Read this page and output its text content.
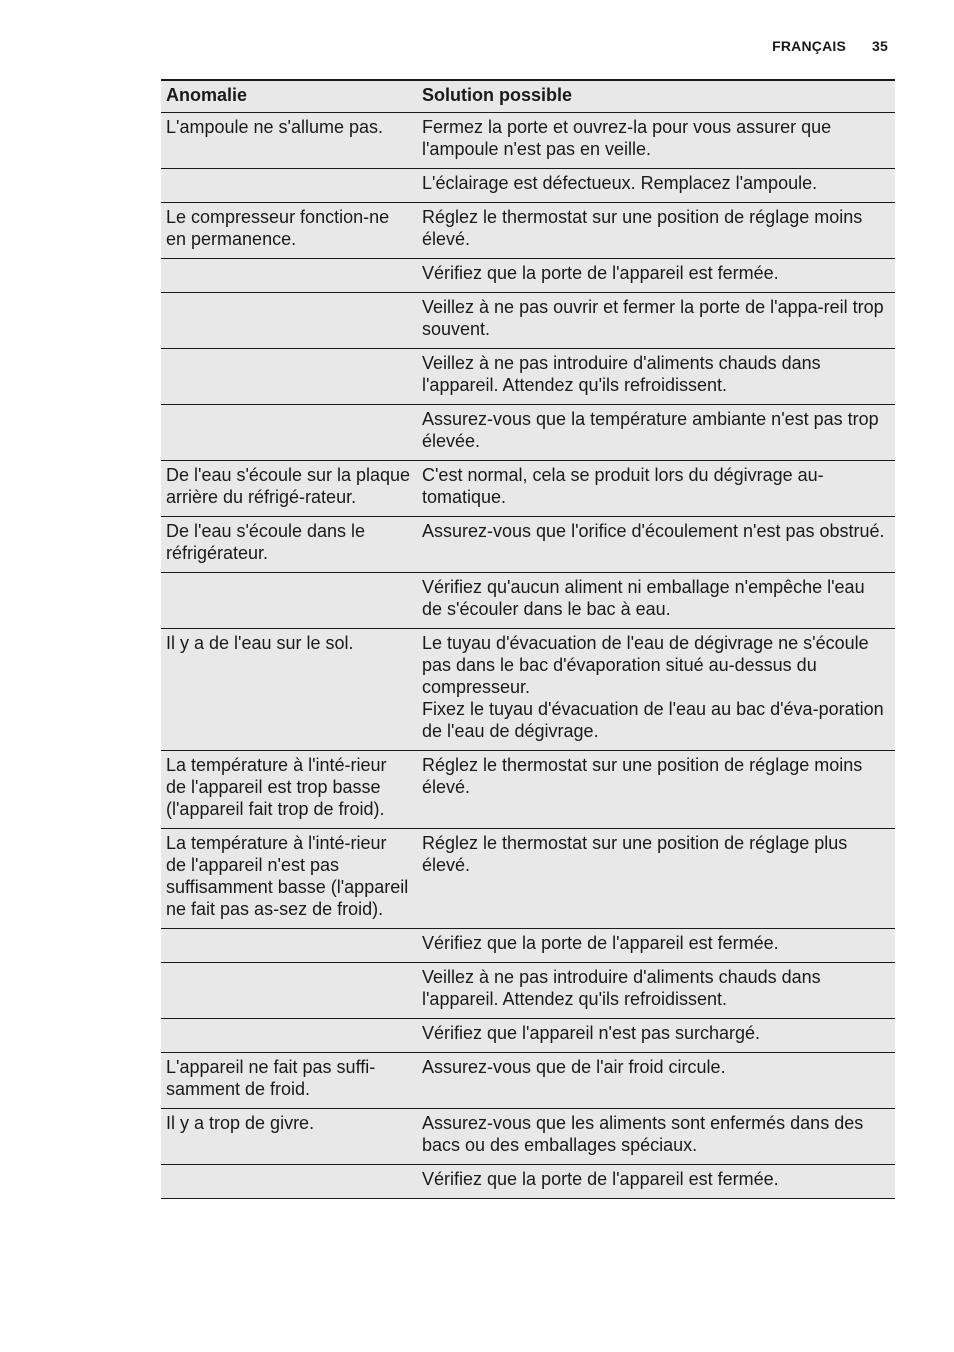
FRANÇAIS 35
Anomalie	Solution possible
L'ampoule ne s'allume pas.	Fermez la porte et ouvrez-la pour vous assurer que l'ampoule n'est pas en veille.
	L'éclairage est défectueux. Remplacez l'ampoule.
Le compresseur fonction-ne en permanence.	Réglez le thermostat sur une position de réglage moins élevé.
	Vérifiez que la porte de l'appareil est fermée.
	Veillez à ne pas ouvrir et fermer la porte de l'appa-reil trop souvent.
	Veillez à ne pas introduire d'aliments chauds dans l'appareil. Attendez qu'ils refroidissent.
	Assurez-vous que la température ambiante n'est pas trop élevée.
De l'eau s'écoule sur la plaque arrière du réfrigé-rateur.	C'est normal, cela se produit lors du dégivrage au-tomatique.
De l'eau s'écoule dans le réfrigérateur.	Assurez-vous que l'orifice d'écoulement n'est pas obstrué.
	Vérifiez qu'aucun aliment ni emballage n'empêche l'eau de s'écouler dans le bac à eau.
Il y a de l'eau sur le sol.	Le tuyau d'évacuation de l'eau de dégivrage ne s'écoule pas dans le bac d'évaporation situé au-dessus du compresseur.
Fixez le tuyau d'évacuation de l'eau au bac d'éva-poration de l'eau de dégivrage.
La température à l'inté-rieur de l'appareil est trop basse (l'appareil fait trop de froid).	Réglez le thermostat sur une position de réglage moins élevé.
La température à l'inté-rieur de l'appareil n'est pas suffisamment basse (l'appareil ne fait pas as-sez de froid).	Réglez le thermostat sur une position de réglage plus élevé.
	Vérifiez que la porte de l'appareil est fermée.
	Veillez à ne pas introduire d'aliments chauds dans l'appareil. Attendez qu'ils refroidissent.
	Vérifiez que l'appareil n'est pas surchargé.
L'appareil ne fait pas suffi-samment de froid.	Assurez-vous que de l'air froid circule.
Il y a trop de givre.	Assurez-vous que les aliments sont enfermés dans des bacs ou des emballages spéciaux.
	Vérifiez que la porte de l'appareil est fermée.
